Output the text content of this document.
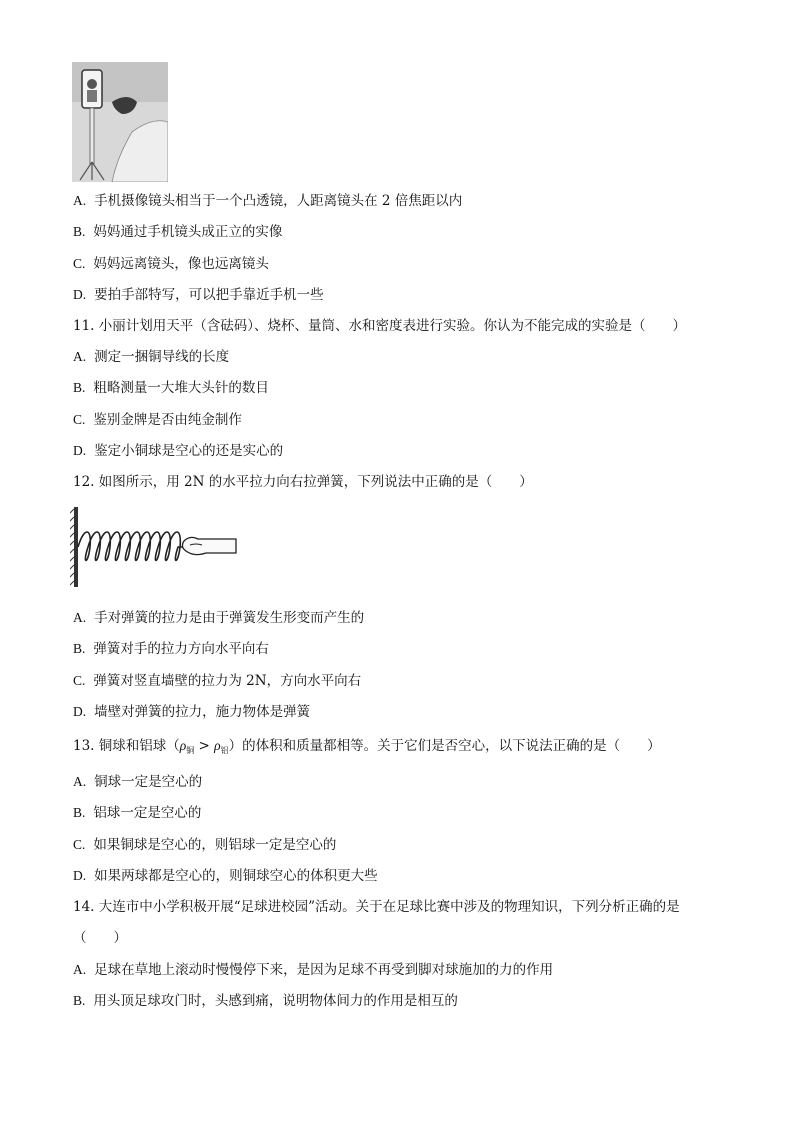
A. 手机摄像镜头相当于一个凸透镜，人距离镜头在 2 倍焦距以内
B. 妈妈通过手机镜头成正立的实像
C. 妈妈远离镜头，像也远离镜头
D. 要拍手部特写，可以把手靠近手机一些
11. 小丽计划用天平（含砝码）、烧杯、量筒、水和密度表进行实验。你认为不能完成的实验是（　　）
A. 测定一捆铜导线的长度
B. 粗略测量一大堆大头针的数目
C. 鉴别金牌是否由纯金制作
D. 鉴定小铜球是空心的还是实心的
12. 如图所示，用 2N 的水平拉力向右拉弹簧，下列说法中正确的是（　　）
A. 手对弹簧的拉力是由于弹簧发生形变而产生的
B. 弹簧对手的拉力方向水平向右
C. 弹簧对竖直墙壁的拉力为 2N，方向水平向右
D. 墙壁对弹簧的拉力，施力物体是弹簧
13. 铜球和铝球$(\rho_铜 > \rho_铝)$的体积和质量都相等。关于它们是否空心，以下说法正确的是（　　）
A. 铜球一定是空心的
B. 铝球一定是空心的
C. 如果铜球是空心的，则铝球一定是空心的
D. 如果两球都是空心的，则铜球空心的体积更大些
14. 大连市中小学积极开展“足球进校园”活动。关于在足球比赛中涉及的物理知识，下列分析正确的是
（　　）
A. 足球在草地上滚动时慢慢停下来，是因为足球不再受到脚对球施加的力的作用
B. 用头顶足球攻门时，头感到痛，说明物体间力的作用是相互的
